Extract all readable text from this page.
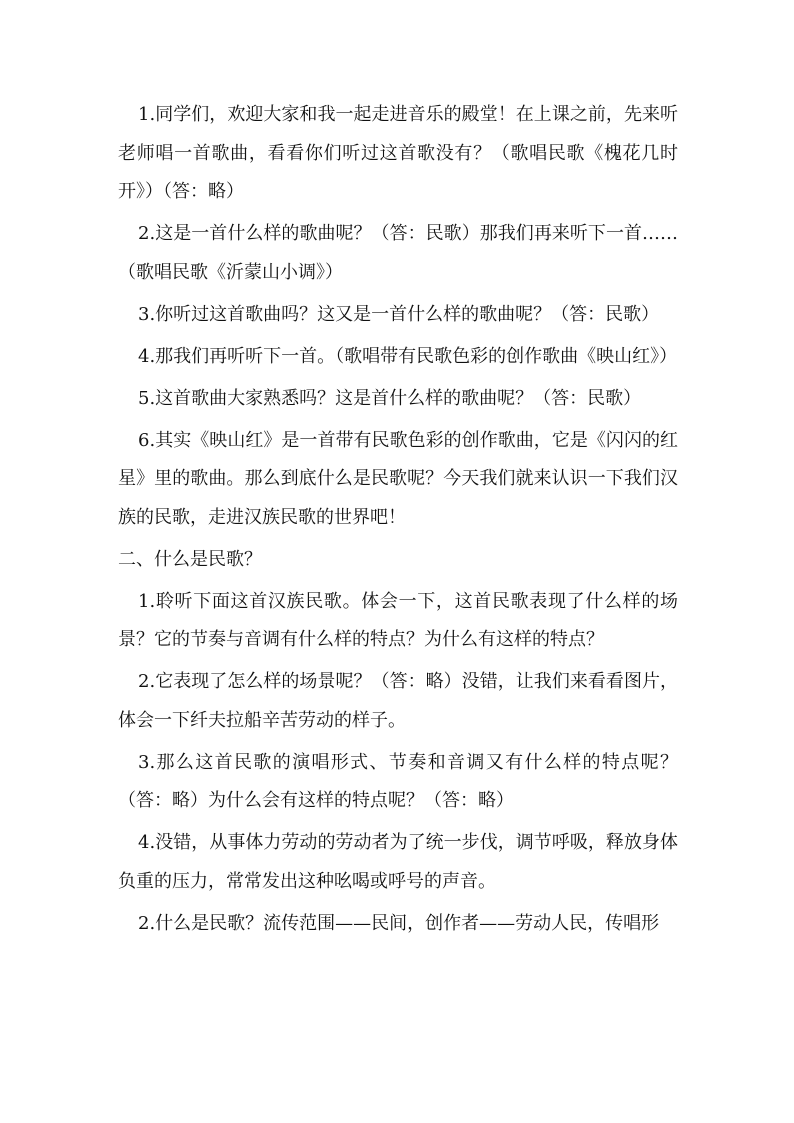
1.同学们，欢迎大家和我一起走进音乐的殿堂！在上课之前，先来听老师唱一首歌曲，看看你们听过这首歌没有？（歌唱民歌《槐花几时开》）（答：略）

2.这是一首什么样的歌曲呢？（答：民歌）那我们再来听下一首……（歌唱民歌《沂蒙山小调》）

3.你听过这首歌曲吗？这又是一首什么样的歌曲呢？（答：民歌）

4.那我们再听听下一首。（歌唱带有民歌色彩的创作歌曲《映山红》）

5.这首歌曲大家熟悉吗？这是首什么样的歌曲呢？（答：民歌）

6.其实《映山红》是一首带有民歌色彩的创作歌曲，它是《闪闪的红星》里的歌曲。那么到底什么是民歌呢？今天我们就来认识一下我们汉族的民歌，走进汉族民歌的世界吧！

二、什么是民歌？

1.聆听下面这首汉族民歌。体会一下，这首民歌表现了什么样的场景？它的节奏与音调有什么样的特点？为什么有这样的特点？

2.它表现了怎么样的场景呢？（答：略）没错，让我们来看看图片，体会一下纤夫拉船辛苦劳动的样子。

3.那么这首民歌的演唱形式、节奏和音调又有什么样的特点呢？（答：略）为什么会有这样的特点呢？（答：略）

4.没错，从事体力劳动的劳动者为了统一步伐，调节呼吸，释放身体负重的压力，常常发出这种吆喝或呼号的声音。

2.什么是民歌？流传范围——民间，创作者——劳动人民，传唱形
